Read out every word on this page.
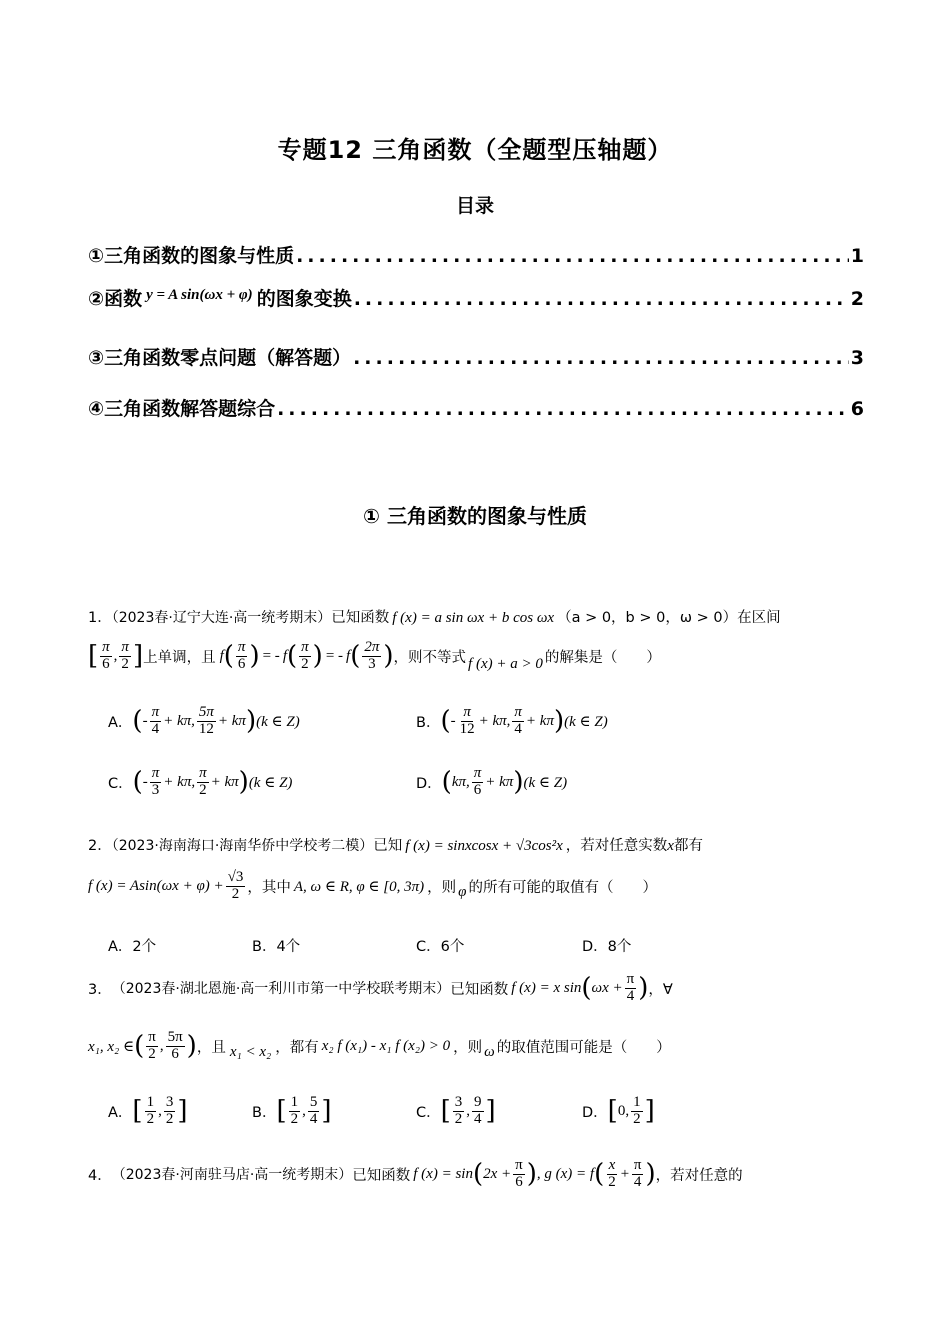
专题12 三角函数（全题型压轴题）
目录
①三角函数的图象与性质 .....	1
②函数 $^{y = A sin(\omega x + \varphi)}$ 的图象变换 .....	2
③三角函数零点问题（解答题） .....	3
④三角函数解答题综合 .....	6
① 三角函数的图象与性质
1．（2023春·辽宁大连·高一统考期末）已知函数 f (x) = a sin ωx + b cos ωx （a > 0，b > 0，ω > 0）在区间
[ $\frac{\pi}{6}$ , $\frac{\pi}{2}$ ] 上单调，且 f ( $\frac{\pi}{6}$ ) = - f ( $\frac{\pi}{2}$ ) = - f ( $\frac{2\pi}{3}$ ) ，则不等式 f (x) + a > 0 的解集是（　　）
A． ( - $\frac{\pi}{4} + k\pi$, $\frac{5\pi}{12} + k\pi$ ) (k ∈ Z)	B． ( - $\frac{\pi}{12} + k\pi$, $\frac{\pi}{4} + k\pi$ ) (k ∈ Z)
C． ( - $\frac{\pi}{3} + k\pi$, $\frac{\pi}{2} + k\pi$ ) (k ∈ Z)	D． ( kπ, $\frac{\pi}{6} + k\pi$ ) (k ∈ Z)
2．（2023·海南海口·海南华侨中学校考二模）已知 f (x) = sinxcosx + √3cos²x ，若对任意实数x都有
f $(x) = Asin(\omega x + \varphi) + \frac{√3}{2}$ ，其中 A, ω ∈ R, φ ∈ [0, 3π) ，则 φ 的所有可能的取值有（　　）
A．2个	B．4个	C．6个	D．8个
3． （2023春·湖北恩施·高一利川市第一中学校联考期末） 已知函数 f (x) = x sin ( $\omega x + \frac{\pi}{4}$ ) ，∀
x₁, x₂ ∈ ( $\frac{\pi}{2}$ , $\frac{5\pi}{6}$ ) ，且 x₁ < x₂ ，都有 x₂ f (x₁) - x₁ f (x₂) > 0 ，则 ω 的取值范围可能是（　　）
A． [ $\frac{1}{2}$ , $\frac{3}{2}$ ]	B． [ $\frac{1}{2}$ , $\frac{5}{4}$ ]	C． [ $\frac{3}{2}$ , $\frac{9}{4}$ ]	D． [ 0, $\frac{1}{2}$ ]
4． （2023春·河南驻马店·高一统考期末） 已知函数 f (x) = sin ( $2x + \frac{\pi}{6}$ ) , g (x) = f ( $\frac{x}{2} + \frac{\pi}{4}$ ) ，若对任意的
